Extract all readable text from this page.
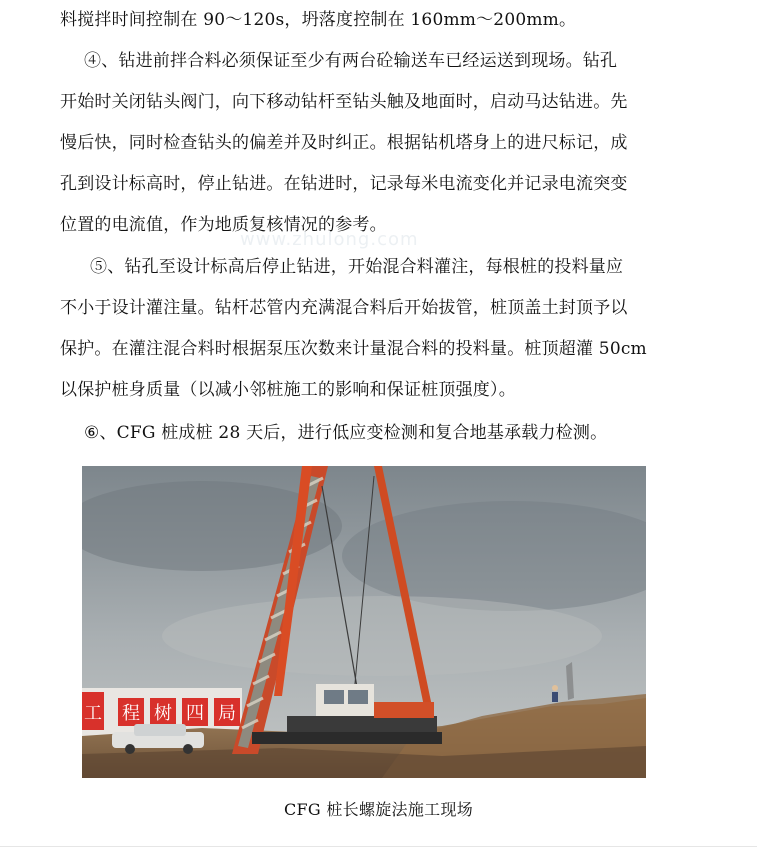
www.zhulong.com

料搅拌时间控制在 90～120s，坍落度控制在 160mm～200mm。

④、钻进前拌合料必须保证至少有两台砼输送车已经运送到现场。钻孔
开始时关闭钻头阀门，向下移动钻杆至钻头触及地面时，启动马达钻进。先
慢后快，同时检查钻头的偏差并及时纠正。根据钻机塔身上的进尺标记，成
孔到设计标高时，停止钻进。在钻进时，记录每米电流变化并记录电流突变
位置的电流值，作为地质复核情况的参考。

⑤、钻孔至设计标高后停止钻进，开始混合料灌注，每根桩的投料量应
不小于设计灌注量。钻杆芯管内充满混合料后开始拔管，桩顶盖土封顶予以
保护。在灌注混合料时根据泵压次数来计量混合料的投料量。桩顶超灌 50cm
以保护桩身质量（以减小邻桩施工的影响和保证桩顶强度）。

⑥、CFG 桩成桩 28 天后，进行低应变检测和复合地基承载力检测。

工 程 树 四 局
CFG 桩长螺旋法施工现场
